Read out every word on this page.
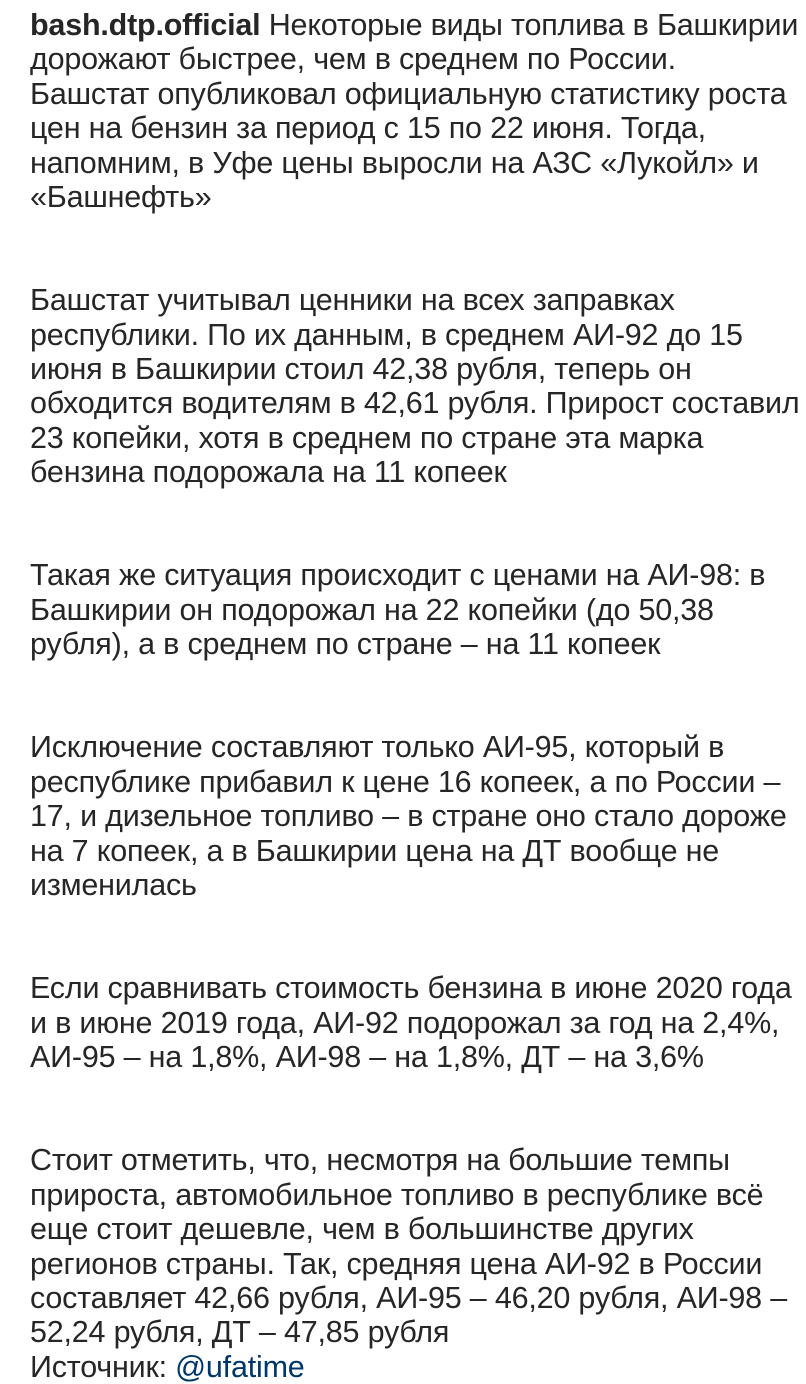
bash.dtp.official Некоторые виды топлива в Башкирии дорожают быстрее, чем в среднем по России. Башстат опубликовал официальную статистику роста цен на бензин за период с 15 по 22 июня. Тогда, напомним, в Уфе цены выросли на АЗС «Лукойл» и «Башнефть»

Башстат учитывал ценники на всех заправках республики. По их данным, в среднем АИ-92 до 15 июня в Башкирии стоил 42,38 рубля, теперь он обходится водителям в 42,61 рубля. Прирост составил 23 копейки, хотя в среднем по стране эта марка бензина подорожала на 11 копеек

Такая же ситуация происходит с ценами на АИ-98: в Башкирии он подорожал на 22 копейки (до 50,38 рубля), а в среднем по стране – на 11 копеек

Исключение составляют только АИ-95, который в республике прибавил к цене 16 копеек, а по России – 17, и дизельное топливо – в стране оно стало дороже на 7 копеек, а в Башкирии цена на ДТ вообще не изменилась

Если сравнивать стоимость бензина в июне 2020 года и в июне 2019 года, АИ-92 подорожал за год на 2,4%, АИ-95 – на 1,8%, АИ-98 – на 1,8%, ДТ – на 3,6%

Стоит отметить, что, несмотря на большие темпы прироста, автомобильное топливо в республике всё еще стоит дешевле, чем в большинстве других регионов страны. Так, средняя цена АИ-92 в России составляет 42,66 рубля, АИ-95 – 46,20 рубля, АИ-98 – 52,24 рубля, ДТ – 47,85 рубля
Источник: @ufatime
